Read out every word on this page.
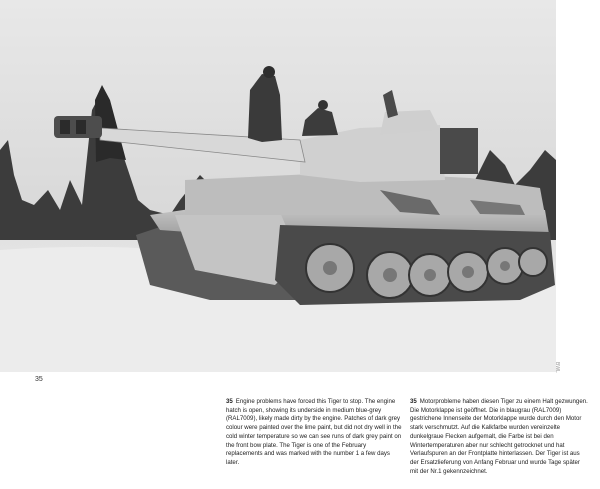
BWL
35
35 Engine problems have forced this Tiger to stop. The engine hatch is open, showing its underside in medium blue-grey (RAL7009), likely made dirty by the engine. Patches of dark grey colour were painted over the lime paint, but did not dry well in the cold winter temperature so we can see runs of dark grey paint on the front bow plate. The Tiger is one of the February replacements and was marked with the number 1 a few days later.
35 Motorprobleme haben diesen Tiger zu einem Halt gezwungen. Die Motorklappe ist geöffnet. Die in blaugrau (RAL7009) gestrichene Innenseite der Motorklappe wurde durch den Motor stark verschmutzt. Auf die Kalkfarbe wurden vereinzelte dunkelgraue Flecken aufgemalt, die Farbe ist bei den Wintertemperaturen aber nur schlecht getrocknet und hat Verlaufspuren an der Frontplatte hinterlassen. Der Tiger ist aus der Ersatzlieferung von Anfang Februar und wurde Tage später mit der Nr.1 gekennzeichnet.
